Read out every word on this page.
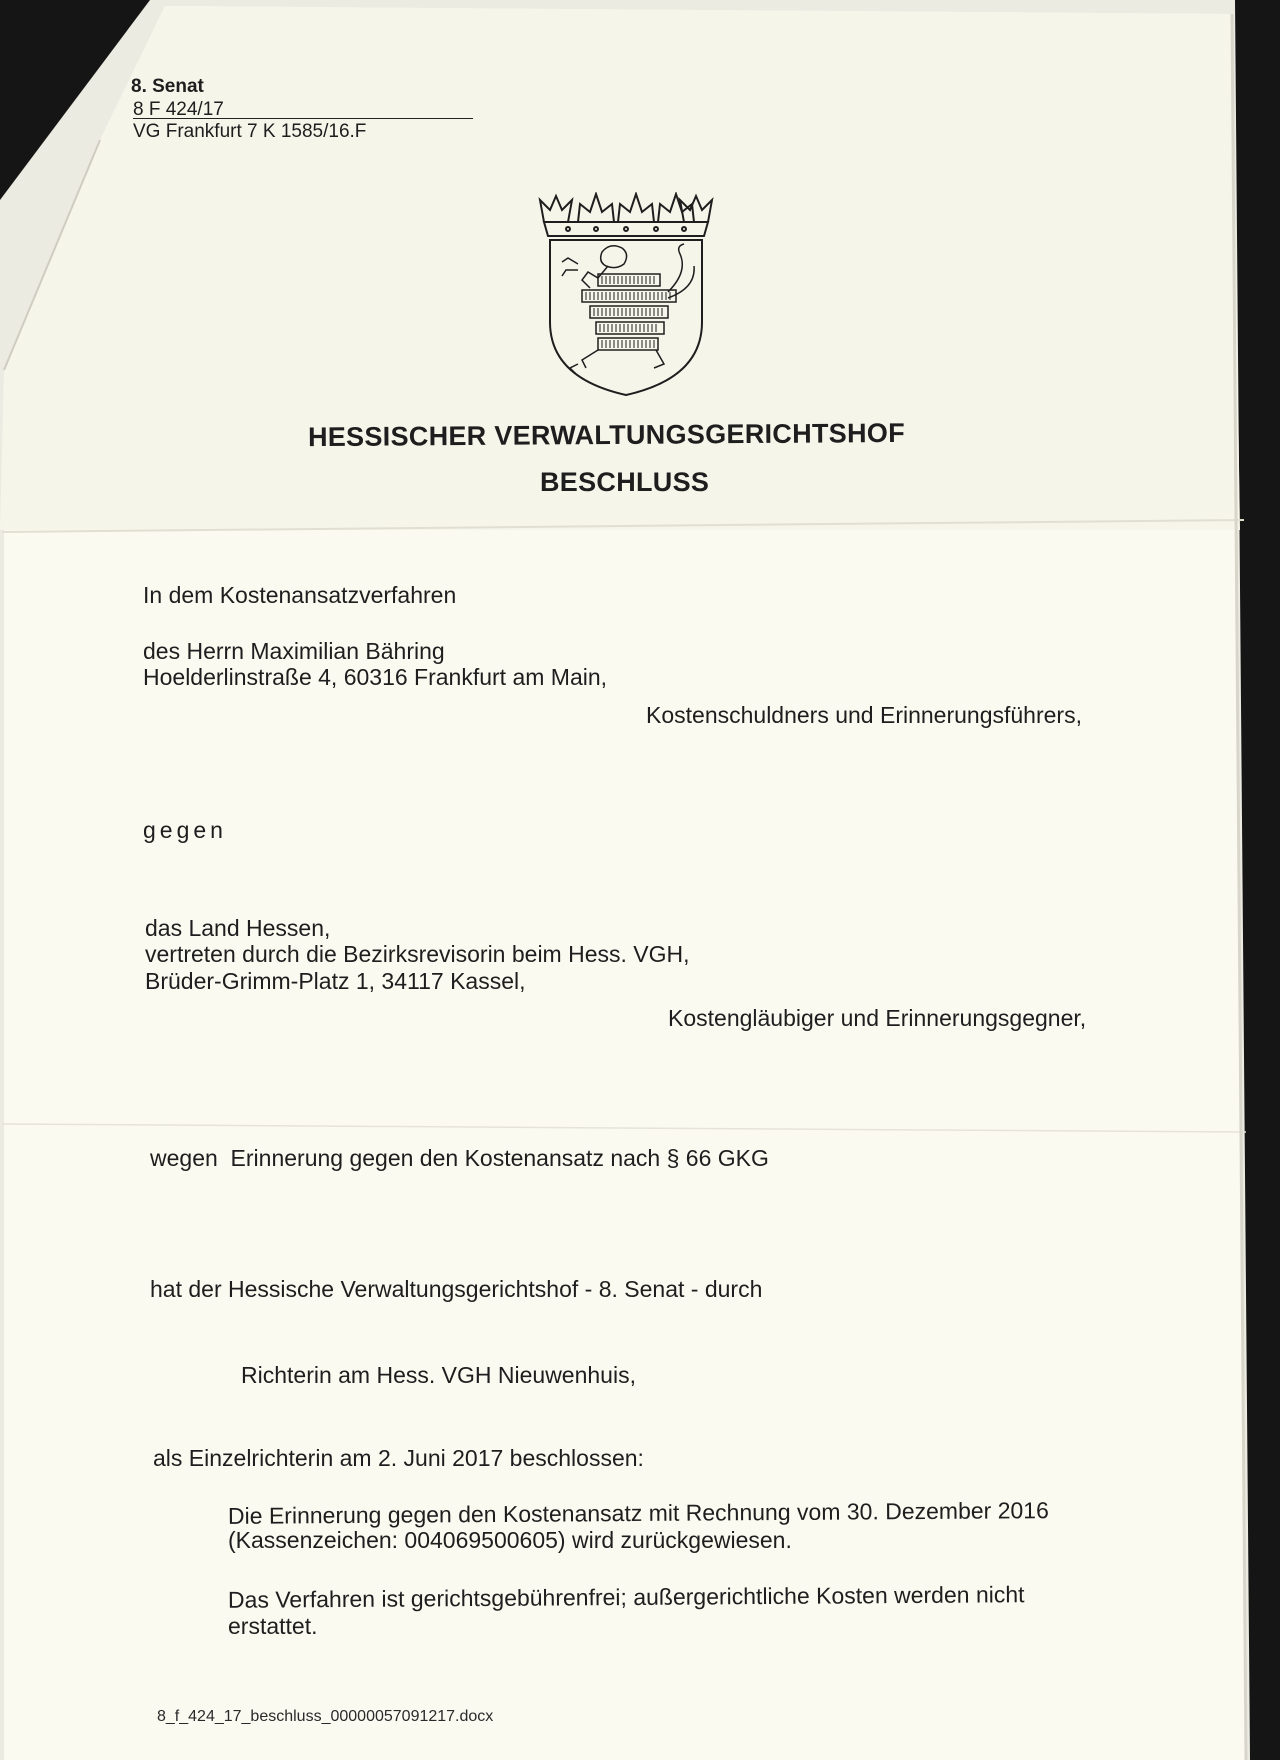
8. Senat
8 F 424/17
VG Frankfurt 7 K 1585/16.F
HESSISCHER VERWALTUNGSGERICHTSHOF
BESCHLUSS
In dem Kostenansatzverfahren
des Herrn Maximilian Bähring
Hoelderlinstraße 4, 60316 Frankfurt am Main,
Kostenschuldners und Erinnerungsführers,
gegen
das Land Hessen,
vertreten durch die Bezirksrevisorin beim Hess. VGH,
Brüder-Grimm-Platz 1, 34117 Kassel,
Kostengläubiger und Erinnerungsgegner,
wegen  Erinnerung gegen den Kostenansatz nach § 66 GKG
hat der Hessische Verwaltungsgerichtshof - 8. Senat - durch
Richterin am Hess. VGH Nieuwenhuis,
als Einzelrichterin am 2. Juni 2017 beschlossen:
Die Erinnerung gegen den Kostenansatz mit Rechnung vom 30. Dezember 2016
(Kassenzeichen: 004069500605) wird zurückgewiesen.
Das Verfahren ist gerichtsgebührenfrei; außergerichtliche Kosten werden nicht
erstattet.
8_f_424_17_beschluss_00000057091217.docx
